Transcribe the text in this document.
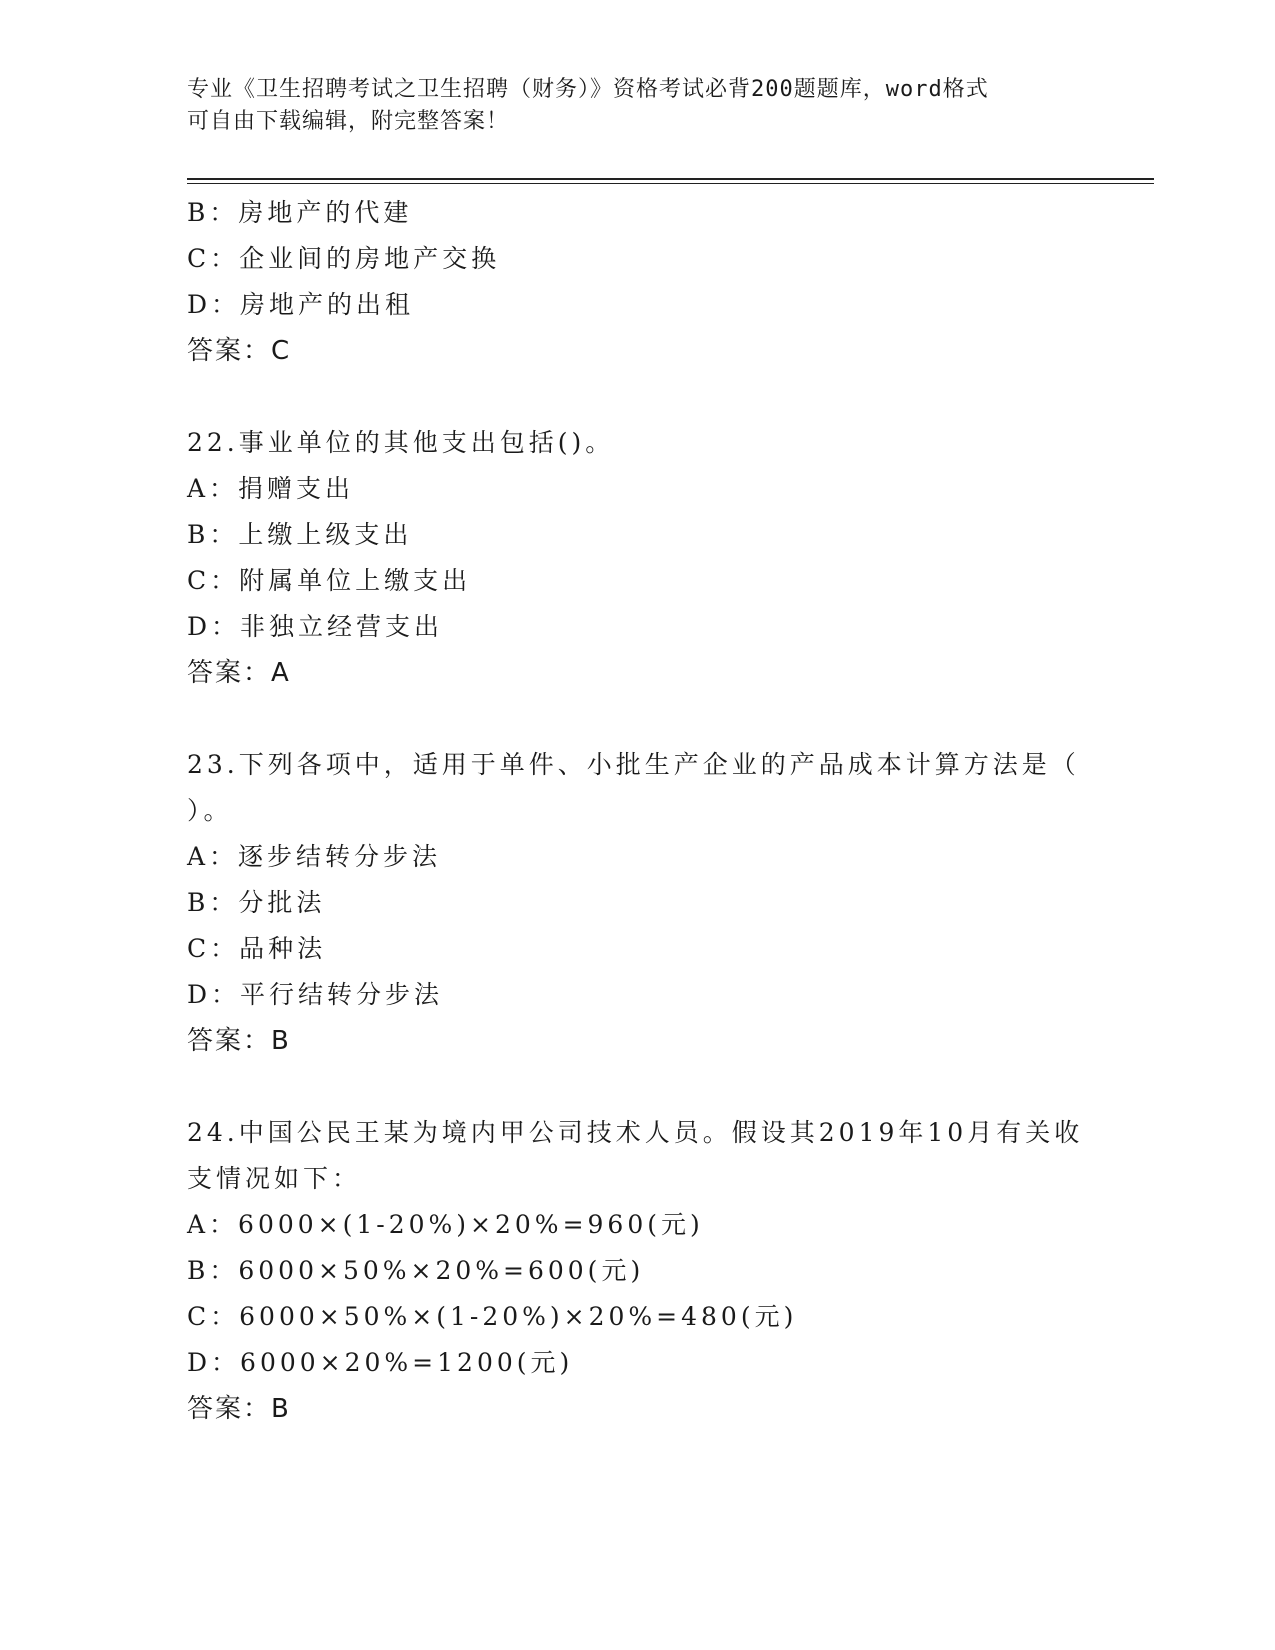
专业《卫生招聘考试之卫生招聘（财务）》资格考试必背200题题库，word格式
可自由下载编辑，附完整答案！
B：房地产的代建
C：企业间的房地产交换
D：房地产的出租
答案：C
22.事业单位的其他支出包括()。
A：捐赠支出
B：上缴上级支出
C：附属单位上缴支出
D：非独立经营支出
答案：A
23.下列各项中，适用于单件、小批生产企业的产品成本计算方法是（
）。
A：逐步结转分步法
B：分批法
C：品种法
D：平行结转分步法
答案：B
24.中国公民王某为境内甲公司技术人员。假设其2019年10月有关收
支情况如下：
A：6000×(1-20%)×20%=960(元)
B：6000×50%×20%=600(元)
C：6000×50%×(1-20%)×20%=480(元)
D：6000×20%=1200(元)
答案：B
